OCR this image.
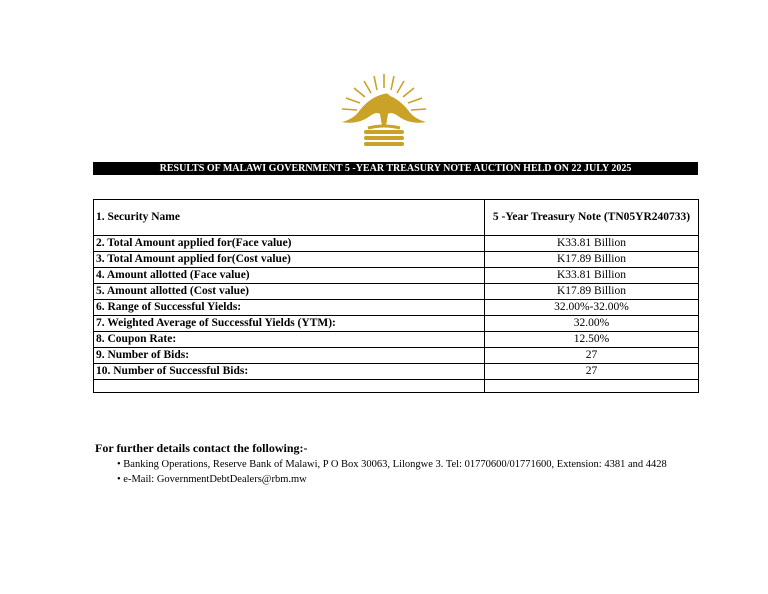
RESULTS OF MALAWI GOVERNMENT 5 -YEAR TREASURY NOTE AUCTION HELD ON 22 JULY 2025
1. Security Name	5 -Year Treasury Note (TN05YR240733)
2. Total Amount applied for(Face value)	K33.81 Billion
3. Total Amount applied for(Cost value)	K17.89 Billion
4. Amount allotted (Face value)	K33.81 Billion
5. Amount allotted (Cost value)	K17.89 Billion
6. Range of Successful Yields:	32.00%-32.00%
7. Weighted Average of Successful Yields (YTM):	32.00%
8. Coupon Rate:	12.50%
9. Number of Bids:	27
10. Number of Successful Bids:	27

For further details contact the following:-
• Banking Operations, Reserve Bank of Malawi, P O Box 30063, Lilongwe 3. Tel: 01770600/01771600, Extension: 4381 and 4428
• e-Mail: GovernmentDebtDealers@rbm.mw
